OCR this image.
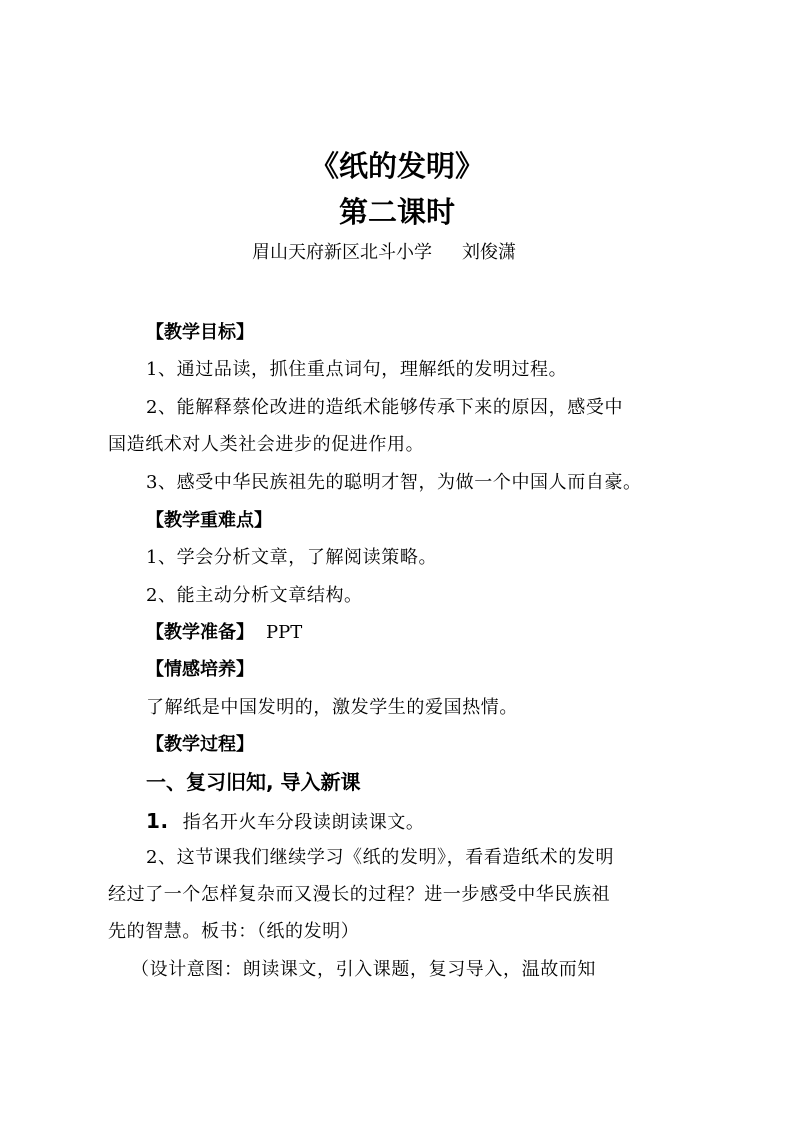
《纸的发明》
第二课时
眉山天府新区北斗小学 刘俊潇
【教学目标】
1、通过品读，抓住重点词句，理解纸的发明过程。
2、能解释蔡伦改进的造纸术能够传承下来的原因，感受中
国造纸术对人类社会进步的促进作用。
3、感受中华民族祖先的聪明才智，为做一个中国人而自豪。
【教学重难点】
1、学会分析文章，了解阅读策略。
2、能主动分析文章结构。
【教学准备】 PPT
【情感培养】
了解纸是中国发明的，激发学生的爱国热情。
【教学过程】
一、复习旧知, 导入新课
1. 指名开火车分段读朗读课文。
2、这节课我们继续学习《纸的发明》，看看造纸术的发明
经过了一个怎样复杂而又漫长的过程？进一步感受中华民族祖
先的智慧。板书：（纸的发明）
（设计意图：朗读课文，引入课题，复习导入，温故而知
